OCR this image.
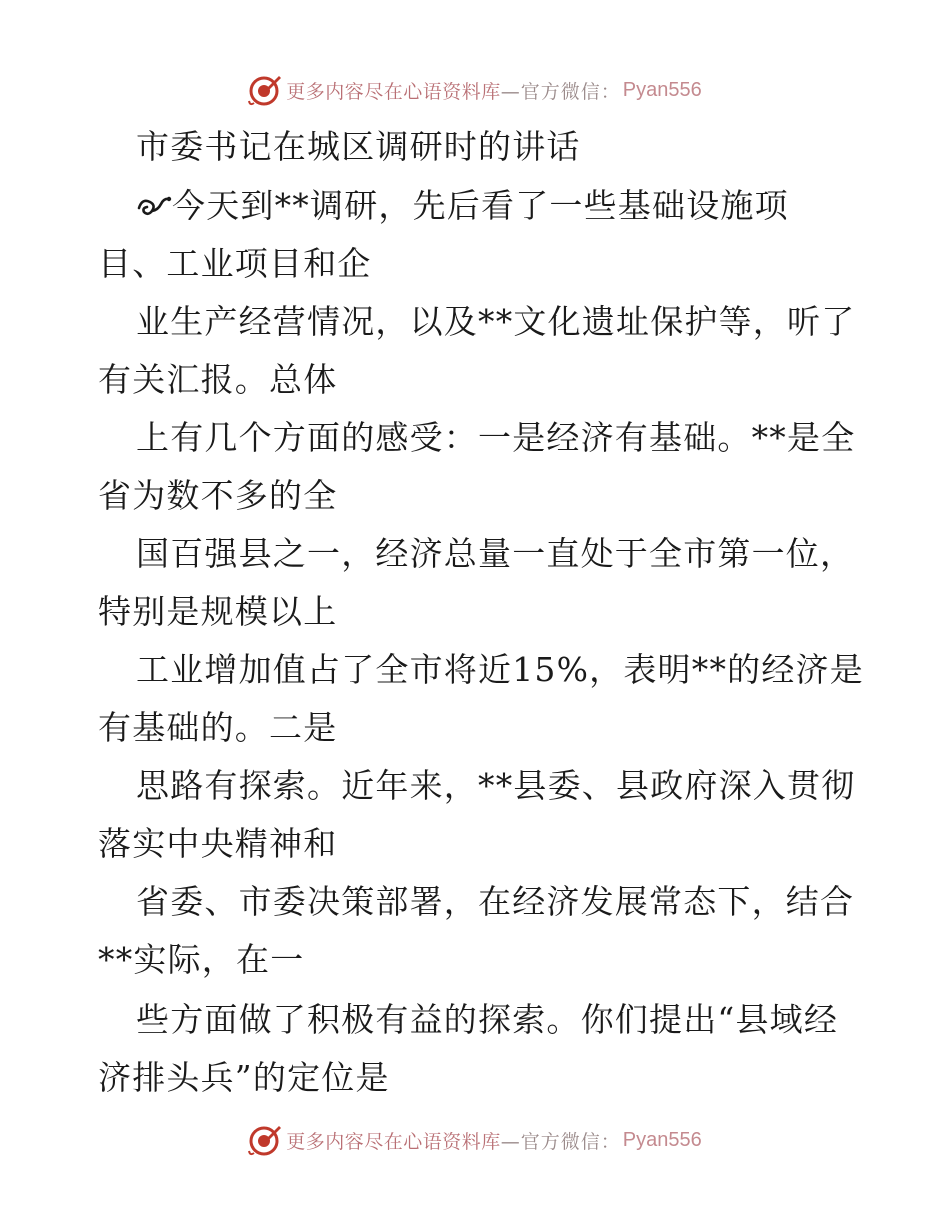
更多内容尽在心语资料库 —官方微信： Pyan556
市委书记在城区调研时的讲话
今天到**调研，先后看了一些基础设施项
目、工业项目和企
业生产经营情况，以及**文化遗址保护等，听了
有关汇报。总体
上有几个方面的感受：一是经济有基础。**是全
省为数不多的全
国百强县之一，经济总量一直处于全市第一位，
特别是规模以上
工业增加值占了全市将近15%，表明**的经济是
有基础的。二是
思路有探索。近年来，**县委、县政府深入贯彻
落实中央精神和
省委、市委决策部署，在经济发展常态下，结合
**实际，在一
些方面做了积极有益的探索。你们提出“县域经
济排头兵”的定位是
更多内容尽在心语资料库 —官方微信： Pyan556
